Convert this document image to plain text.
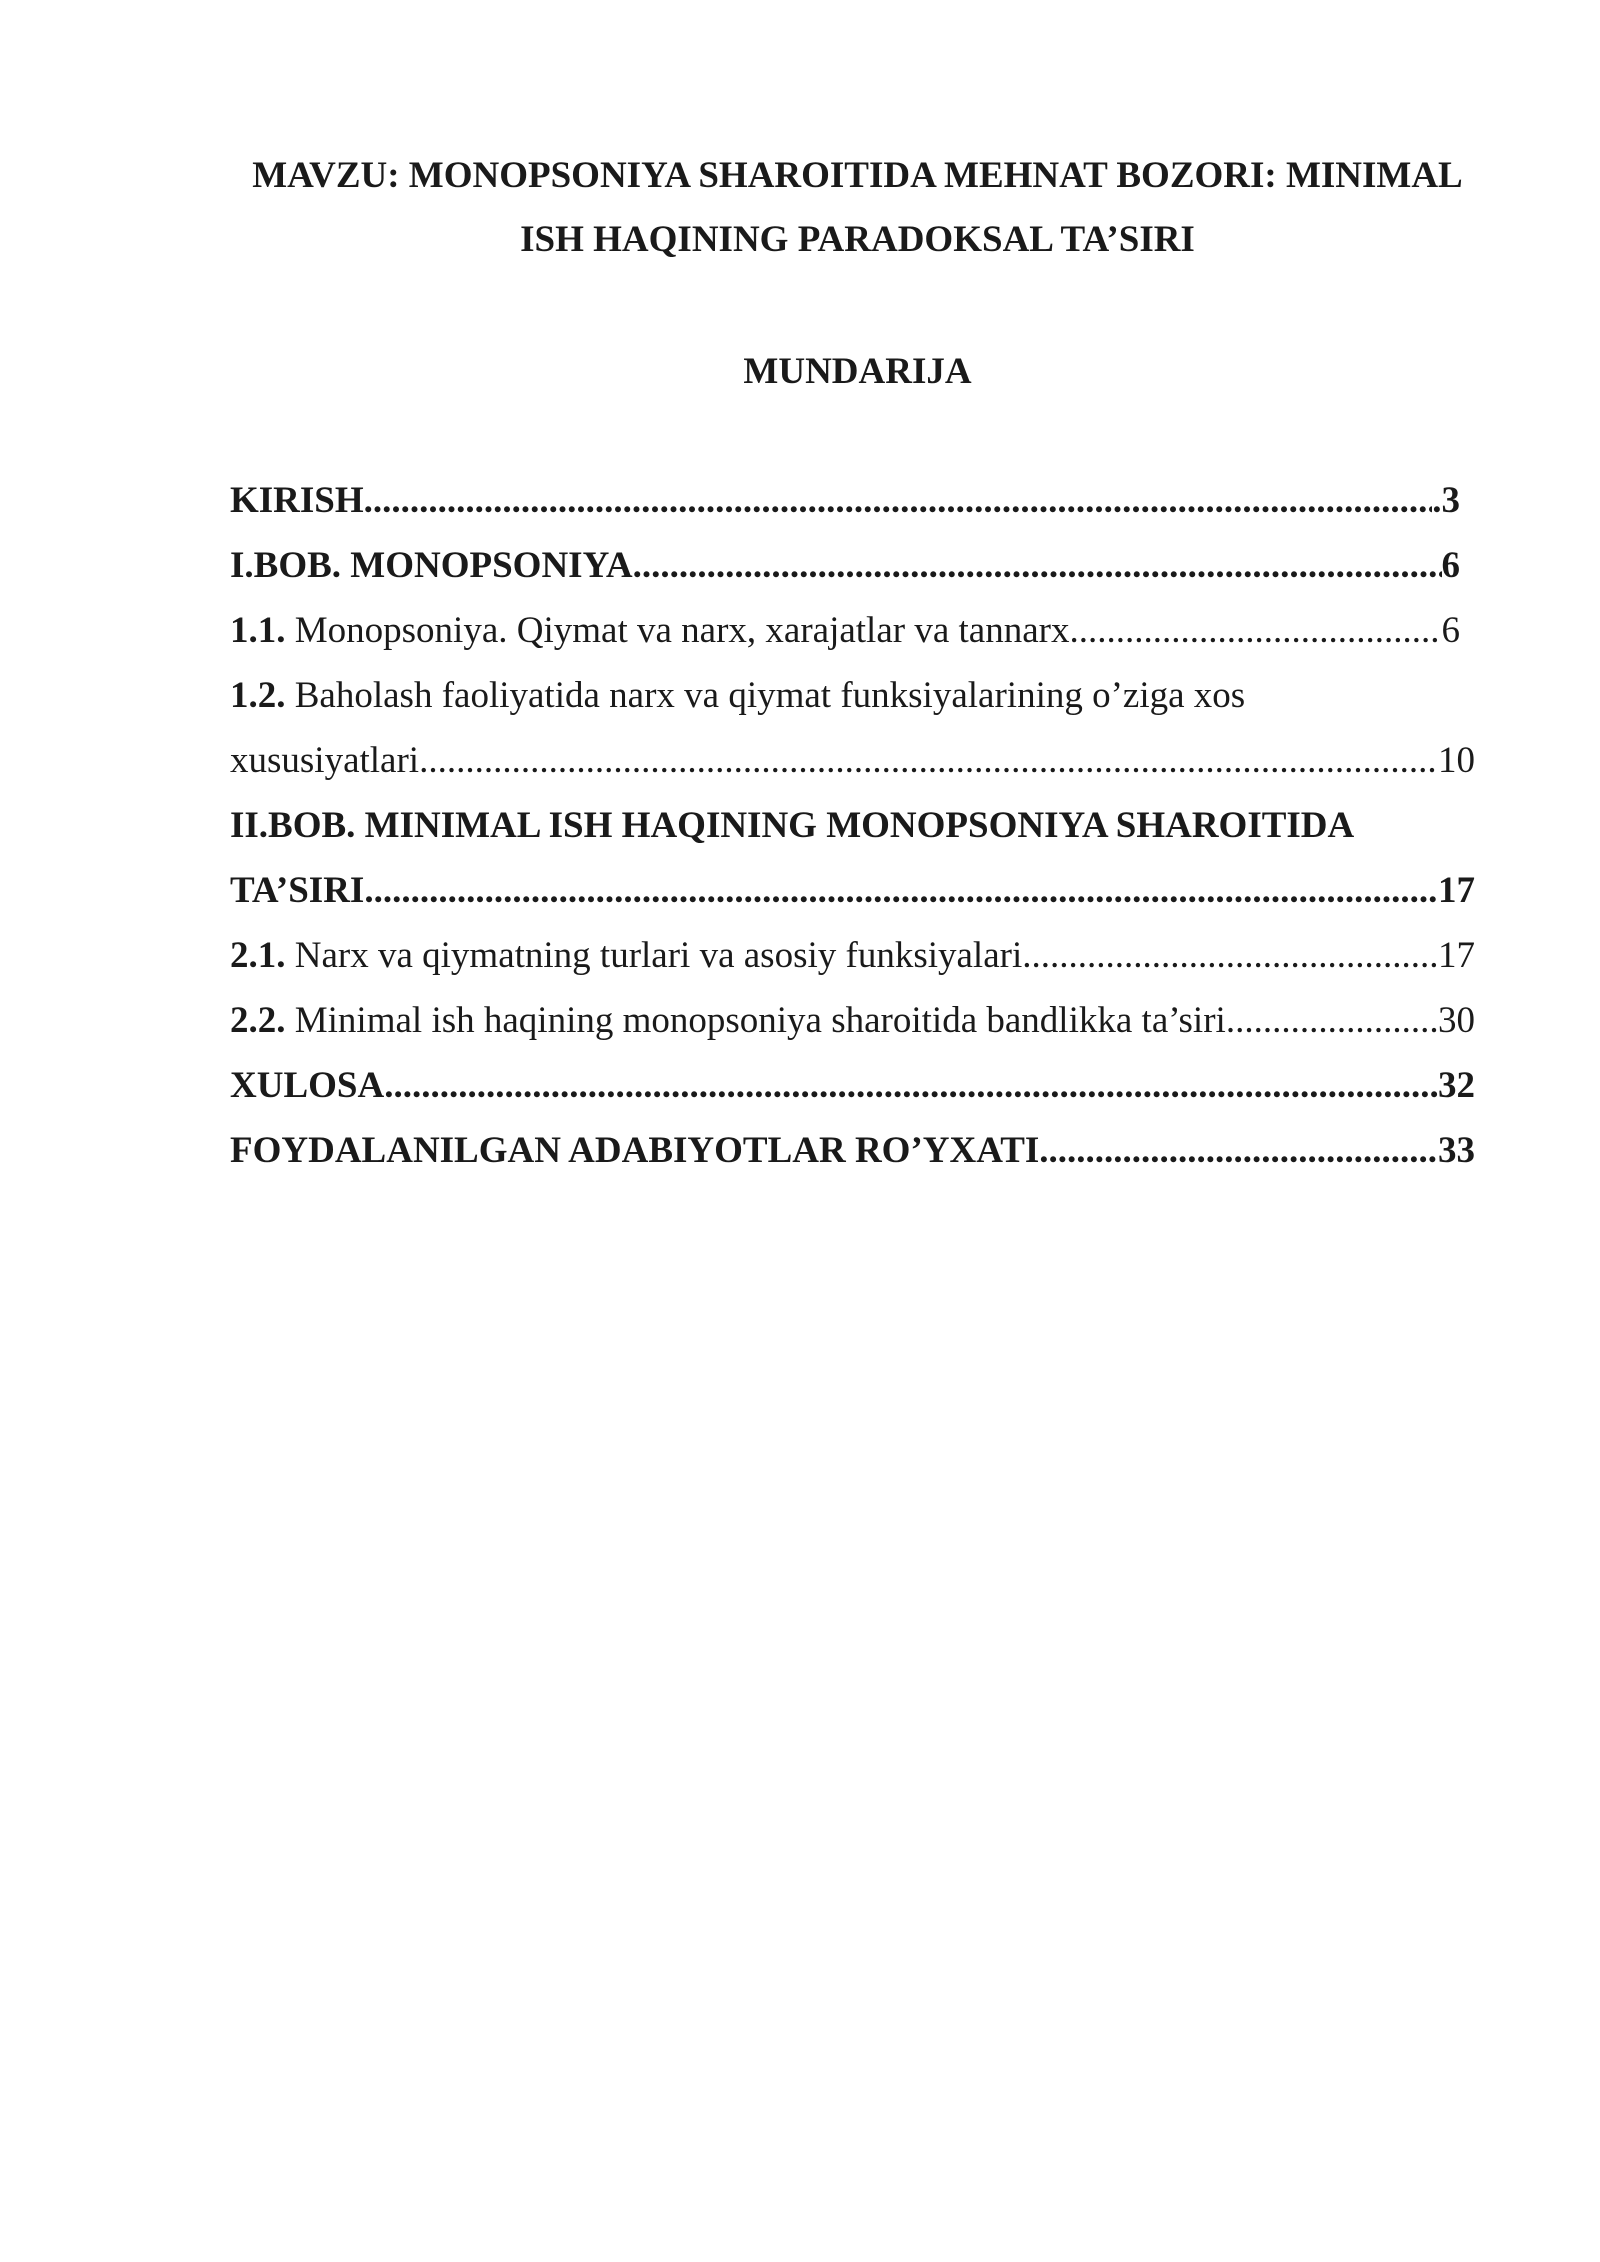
MAVZU: MONOPSONIYA SHAROITIDA MEHNAT BOZORI: MINIMAL
ISH HAQINING PARADOKSAL TA’SIRI
MUNDARIJA
KIRISH .....	.3
I.BOB. MONOPSONIYA .....	6
1.1. Monopsoniya. Qiymat va narx, xarajatlar va tannarx .....	6
1.2. Baholash faoliyatida narx va qiymat funksiyalarining o’ziga xos
xususiyatlari .....	10
II.BOB. MINIMAL ISH HAQINING MONOPSONIYA SHAROITIDA
TA’SIRI .....	17
2.1. Narx va qiymatning turlari va asosiy funksiyalari .....	17
2.2. Minimal ish haqining monopsoniya sharoitida bandlikka ta’siri .....	30
XULOSA .....	32
FOYDALANILGAN ADABIYOTLAR RO’YXATI .....	33
